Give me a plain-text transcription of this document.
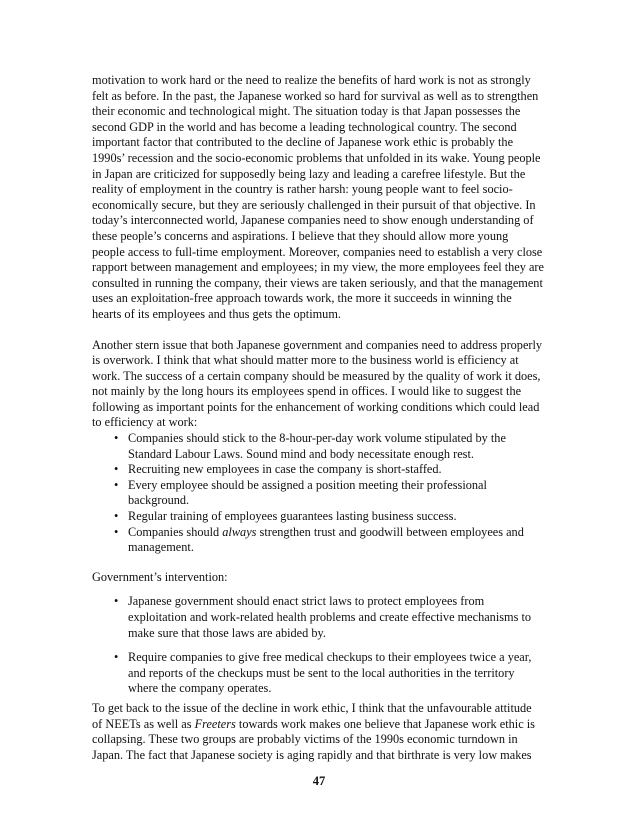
motivation to work hard or the need to realize the benefits of hard work is not as strongly felt as before. In the past, the Japanese worked so hard for survival as well as to strengthen their economic and technological might. The situation today is that Japan possesses the second GDP in the world and has become a leading technological country. The second important factor that contributed to the decline of Japanese work ethic is probably the 1990s’ recession and the socio-economic problems that unfolded in its wake. Young people in Japan are criticized for supposedly being lazy and leading a carefree lifestyle. But the reality of employment in the country is rather harsh: young people want to feel socio-economically secure, but they are seriously challenged in their pursuit of that objective. In today’s interconnected world, Japanese companies need to show enough understanding of these people’s concerns and aspirations. I believe that they should allow more young people access to full-time employment. Moreover, companies need to establish a very close rapport between management and employees; in my view, the more employees feel they are consulted in running the company, their views are taken seriously, and that the management uses an exploitation-free approach towards work, the more it succeeds in winning the hearts of its employees and thus gets the optimum.

Another stern issue that both Japanese government and companies need to address properly is overwork. I think that what should matter more to the business world is efficiency at work. The success of a certain company should be measured by the quality of work it does, not mainly by the long hours its employees spend in offices. I would like to suggest the following as important points for the enhancement of working conditions which could lead to efficiency at work:

• Companies should stick to the 8-hour-per-day work volume stipulated by the Standard Labour Laws. Sound mind and body necessitate enough rest.
• Recruiting new employees in case the company is short-staffed.
• Every employee should be assigned a position meeting their professional background.
• Regular training of employees guarantees lasting business success.
• Companies should always strengthen trust and goodwill between employees and management.

Government’s intervention:

• Japanese government should enact strict laws to protect employees from exploitation and work-related health problems and create effective mechanisms to make sure that those laws are abided by.
• Require companies to give free medical checkups to their employees twice a year, and reports of the checkups must be sent to the local authorities in the territory where the company operates.

To get back to the issue of the decline in work ethic, I think that the unfavourable attitude of NEETs as well as Freeters towards work makes one believe that Japanese work ethic is collapsing. These two groups are probably victims of the 1990s economic turndown in Japan. The fact that Japanese society is aging rapidly and that birthrate is very low makes

47
